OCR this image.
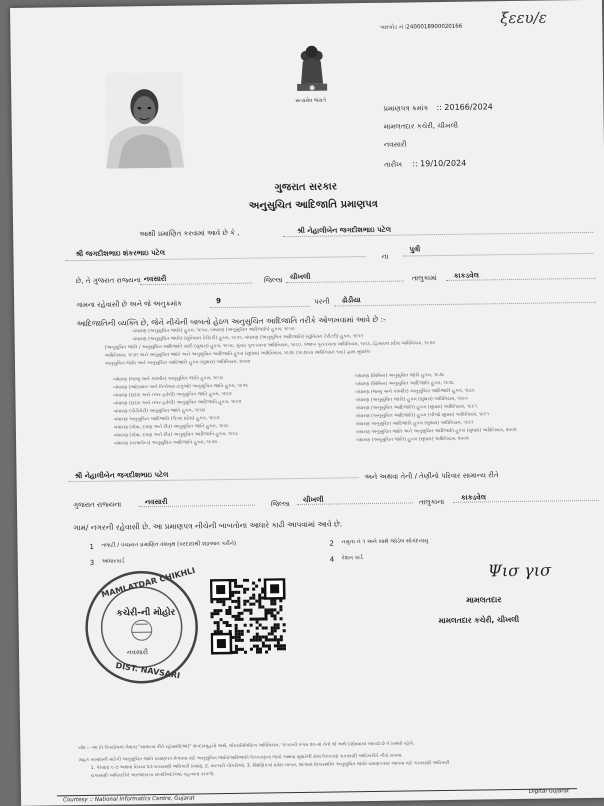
ξεευ/ε
બારકોડ નં : 2400018900020166
સત્યમેવ જયતે
પ્રમાણપત્ર ક્રમાંક :: 20166/2024
મામલતદાર કચેરી, ચીખલી
નવસારી
તારીખ :: 19/10/2024
ગુજરાત સરકાર
અનુસુચિત આદિજાતિ પ્રમાણપત્ર
આથી પ્રમાણિત કરવામાં આવે છે કે ,	શ્રી નેહાલીબેન જગદીશભાઇ પટેલ
શ્રી જગદીશભાઇ શંકરભાઇ પટેલ	ના
પુત્રી
છે, તે ગુજરાત રાજ્યના નવસારી	જિલ્લા ચીખલી	તાલુકામાં કાકડવેલ
ગામના રહેવાસી છે અને જે અનુક્રમાંક	9	પરની ઢોડીયા
આદિજાતિની વ્યક્તિ છે, જેને નીચેની બાબતો હેઠળ અનુસુચિત આદિજાતિ તરીકે ઓળખવામાં આવે છે :-
બંધારણ (અનુસુચિત જાતિ) હુકમ, ૧૯૫૦, બંધારણ (અનુસુચિત આદિજાતિ) હુકમ, ૧૯૫૦
બંધારણ (અનુસુચિત જાતિ) (યુનિયન ટેરીટરી) હુકમ, ૧૯૫૧, બંધારણ (અનુસુચિત આદિજાતિ) (યુનિયન ટેરીટરી) હુકમ, ૧૯૫૧
(અનુસુચિત જાતિ / અનુસુચિત આદિજાતિ યાદી (સુધારા) હુકમ, ૧૯૫૬, મુંબઇ પુનઃરચના અધિનિયમ, ૧૯૬૦, પંજાબ પુનઃરચના અધિનિયમ, ૧૯૬૬, હિમાચલ પ્રદેશ અધિનિયમ, ૧૯૭૦
અધિનિયમ, ૧૯૭૧ અને અનુસુચિત જાતિ અને અનુસુચિત આદિજાતિ હુકમ (સુધારા) અધિનિયમ, ૧૯૭૬ (૧૯૭૬ના અધિનિયમ ૧૦૮) દ્વારા સુધારેલ
અનુસુચિત જાતિ અને અનુસુચિત આદિજાતિ હુકમ (સુધારા) અધિનિયમ, ૨૦૦૨
બંધારણ (જમ્મુ અને કાશ્મીર) અનુસુચિત જાતિ હુકમ, ૧૯૫૬
બંધારણ (આંદામાન અને નિકોબાર ટાપુઓ) અનુસુચિત જાતિ હુકમ, ૧૯૫૯
બંધારણ (દાદરા અને નગર હવેલી) અનુસુચિત જાતિ હુકમ, ૧૯૬૨
બંધારણ (દાદરા અને નગર હવેલી) અનુસુચિત આદિજાતિ હુકમ, ૧૯૬૨
બંધારણ (પોંડીચેરી) અનુસુચિત જાતિ હુકમ, ૧૯૬૪
બંધારણ અનુસુચિત આદિજાતિ (ઉત્તર પ્રદેશ) હુકમ, ૧૯૬૭
બંધારણ (ગોવા, દમણ અને દીવ) અનુસુચિત જાતિ હુકમ, ૧૯૬૮
બંધારણ (ગોવા, દમણ અને દીવ) અનુસુચિત આદિજાતિ હુકમ, ૧૯૬૮
બંધારણ (નાગાલેન્ડ) અનુસુચિત આદિજાતિ હુકમ, ૧૯૭૦
બંધારણ (સિક્કિમ) અનુસુચિત જાતિ હુકમ, ૧૯૭૮
બંધારણ (સિક્કિમ) અનુસુચિત આદિજાતિ હુકમ, ૧૯૭૮
બંધારણ (જમ્મુ અને કાશ્મીર) અનુસુચિત આદિજાતિ હુકમ, ૧૯૮૯
બંધારણ (અનુસુચિત જાતિ) હુકમ (સુધારા) અધિનિયમ, ૧૯૯૦
બંધારણ (અનુસુચિત આદિજાતિ) હુકમ (સુધારા) અધિનિયમ, ૧૯૯૧
બંધારણ (અનુસુચિત આદિજાતિ) હુકમ (બીજો સુધારા) અધિનિયમ, ૧૯૯૧
બંધારણ અનુસુચિત આદિજાતિ હુકમ (સુધારા) અધિનિયમ, ૧૯૯૧
બંધારણ અનુસુચિત જાતિ અને અનુસુચિત આદિજાતિ હુકમ (સુધારા) અધિનિયમ, ૨૦૦૨
બંધારણ (અનુસુચિત જાતિ) હુકમ (સુધારા) અધિનિયમ, ૨૦૦૨
શ્રી નેહાલીબેન જગદીશભાઇ પટેલ	અને અથવા તેની / તેણીનો પરિવાર સામાન્ય રીતે
ગુજરાત રાજ્યના	નવસારી	જિલ્લા
ચીખલી	તાલુકાના
કાકડવેલ
ગામ/ નગરની રહેવાસી છે. આ પ્રમાણપત્ર નીચેની બાબતોના આધારે કાઢી આપવામાં આવે છે.
1 તલાટી / પંચાયત પ્રમાણિત વંશવૃક્ષ (પરદાદાથી શરૂઆત કરીને)	2 નમુના નં ૧ અને સાથે જોડેલ સોગંદનામુ
3 આધારકાર્ડ	4 રેશન કાર્ડ
MAMLATDAR CHIKHLI
કચેરી-ની મોહોર
નવસારી
DIST. NAVSARI
Ψισ γισ
મામલતદાર
મામલતદાર કચેરી, ચીખલી
નોંધ :- આ તિ ઉપયોગમાં લેવાતા "સામાન્ય રીતે રહેવાસી(ઓ)" શબ્દસમૂહનો અર્થ, લોકપ્રતિનિધિત્વ અધિનિયમ, ૧૯૫૦ની કલમ ૨૦-માં તેનો જે અર્થ દર્શાવવામાં આવ્યો છે તે પ્રમાણે રહેશે.
ગ્રાહક સમાધાની માટેની અનુસુચિત જાતિ પ્રમાણપત્ર મેળવવા માટે અનુસુચિત જાતિ/આદિજાતિ ઉપકરણના ભાગો અથવા સુધારેલી સેવા ઉપકરણ ચકાસણી અધિકારીને નીચે રાખવા.
1. પેરેગ્રાફ ૬-૭ અથવા નિયમ ૨૭ ચકાસણી અધિકારી પ્રમાણ, 2. સરકારી નોકરીઓ, 3. શૈક્ષણિકમાં પ્રવેશ બાબત, શાળામાં વિકાસશીલ અનુસુચિત જાતિ પ્રમાણપત્રમાં આપવા માટે ચકાસણી અધિકારી
ચકાસણી અધિકારીને અરજદારના સંબંધીઓ નિષ્ઠ મહત્વના કાગળો.
Courtesy :: National Informatics Centre, Gujarat
Digital Gujarat
